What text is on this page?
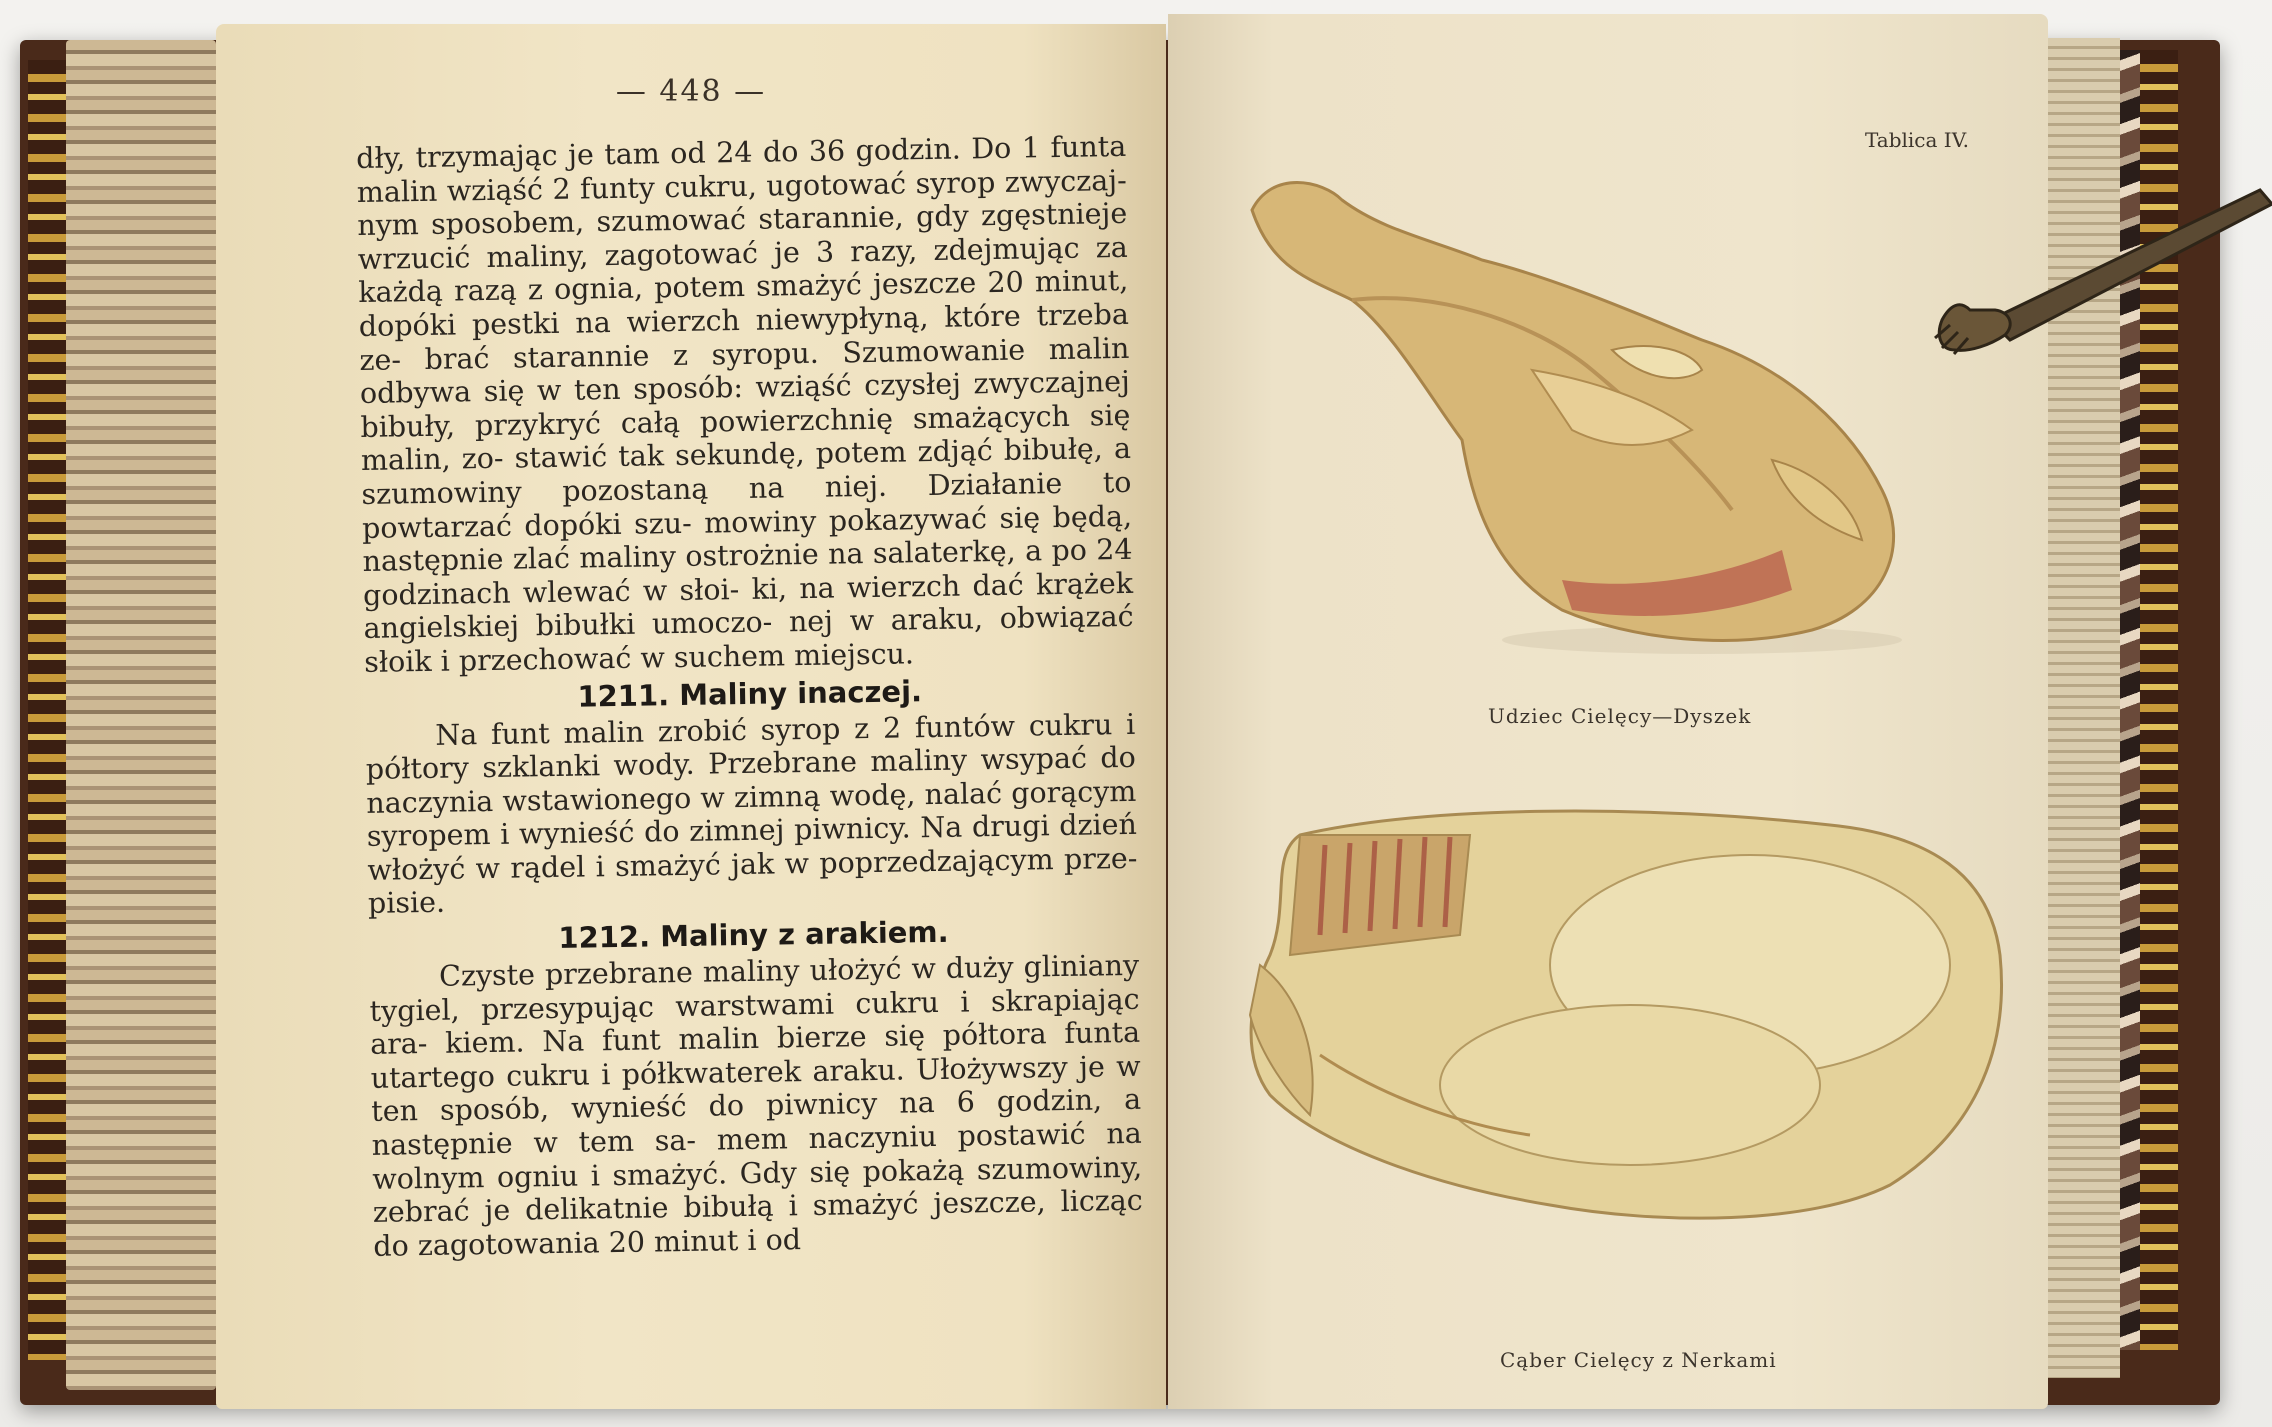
— 448 —

dły, trzymając je tam od 24 do 36 godzin. Do 1 funta malin wziąść 2 funty cukru, ugotować syrop zwyczaj- nym sposobem, szumować starannie, gdy zgęstnieje wrzucić maliny, zagotować je 3 razy, zdejmując za każdą razą z ognia, potem smażyć jeszcze 20 minut, dopóki pestki na wierzch niewypłyną, które trzeba ze- brać starannie z syropu. Szumowanie malin odbywa się w ten sposób: wziąść czysłej zwyczajnej bibuły, przykryć całą powierzchnię smażących się malin, zo- stawić tak sekundę, potem zdjąć bibułę, a szumowiny pozostaną na niej. Działanie to powtarzać dopóki szu- mowiny pokazywać się będą, następnie zlać maliny ostrożnie na salaterkę, a po 24 godzinach wlewać w słoi- ki, na wierzch dać krążek angielskiej bibułki umoczo- nej w araku, obwiązać słoik i przechować w suchem miejscu.

1211. Maliny inaczej.

Na funt malin zrobić syrop z 2 funtów cukru i półtory szklanki wody. Przebrane maliny wsypać do naczynia wstawionego w zimną wodę, nalać gorącym syropem i wynieść do zimnej piwnicy. Na drugi dzień włożyć w rądel i smażyć jak w poprzedzającym prze- pisie.

1212. Maliny z arakiem.

Czyste przebrane maliny ułożyć w duży gliniany tygiel, przesypując warstwami cukru i skrapiając ara- kiem. Na funt malin bierze się półtora funta utartego cukru i półkwaterek araku. Ułożywszy je w ten sposób, wynieść do piwnicy na 6 godzin, a następnie w tem sa- mem naczyniu postawić na wolnym ogniu i smażyć. Gdy się pokażą szumowiny, zebrać je delikatnie bibułą i smażyć jeszcze, licząc do zagotowania 20 minut i od

Tablica IV.
Udziec Cielęcy—Dyszek
Cąber Cielęcy z Nerkami
